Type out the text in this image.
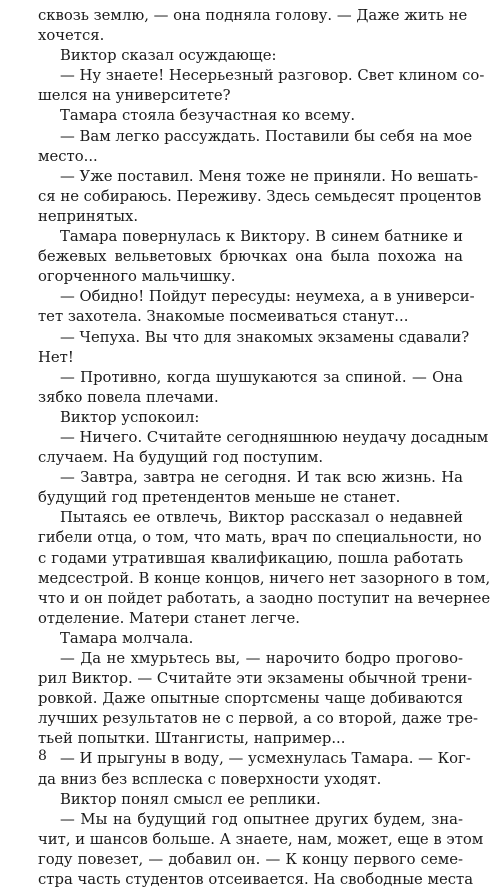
сквозь землю, — она подняла голову. — Даже жить не
хочется.
Виктор сказал осуждающе:
— Ну знаете! Несерьезный разговор. Свет клином со-
шелся на университете?
Тамара стояла безучастная ко всему.
— Вам легко рассуждать. Поставили бы себя на мое
место...
— Уже поставил. Меня тоже не приняли. Но вешать-
ся не собираюсь. Переживу. Здесь семьдесят процентов
непринятых.
Тамара повернулась к Виктору. В синем батнике и
бежевых вельветовых брючках она была похожа на
огорченного мальчишку.
— Обидно! Пойдут пересуды: неумеха, а в универси-
тет захотела. Знакомые посмеиваться станут...
— Чепуха. Вы что для знакомых экзамены сдавали?
Нет!
— Противно, когда шушукаются за спиной. — Она
зябко повела плечами.
Виктор успокоил:
— Ничего. Считайте сегодняшнюю неудачу досадным
случаем. На будущий год поступим.
— Завтра, завтра не сегодня. И так всю жизнь. На
будущий год претендентов меньше не станет.
Пытаясь ее отвлечь, Виктор рассказал о недавней
гибели отца, о том, что мать, врач по специальности, но
с годами утратившая квалификацию, пошла работать
медсестрой. В конце концов, ничего нет зазорного в том,
что и он пойдет работать, а заодно поступит на вечернее
отделение. Матери станет легче.
Тамара молчала.
— Да не хмурьтесь вы, — нарочито бодро прогово-
рил Виктор. — Считайте эти экзамены обычной трени-
ровкой. Даже опытные спортсмены чаще добиваются
лучших результатов не с первой, а со второй, даже тре-
тьей попытки. Штангисты, например...
— И прыгуны в воду, — усмехнулась Тамара. — Ког-
да вниз без всплеска с поверхности уходят.
Виктор понял смысл ее реплики.
— Мы на будущий год опытнее других будем, зна-
чит, и шансов больше. А знаете, нам, может, еще в этом
году повезет, — добавил он. — К концу первого семе-
стра часть студентов отсеивается. На свободные места
8
